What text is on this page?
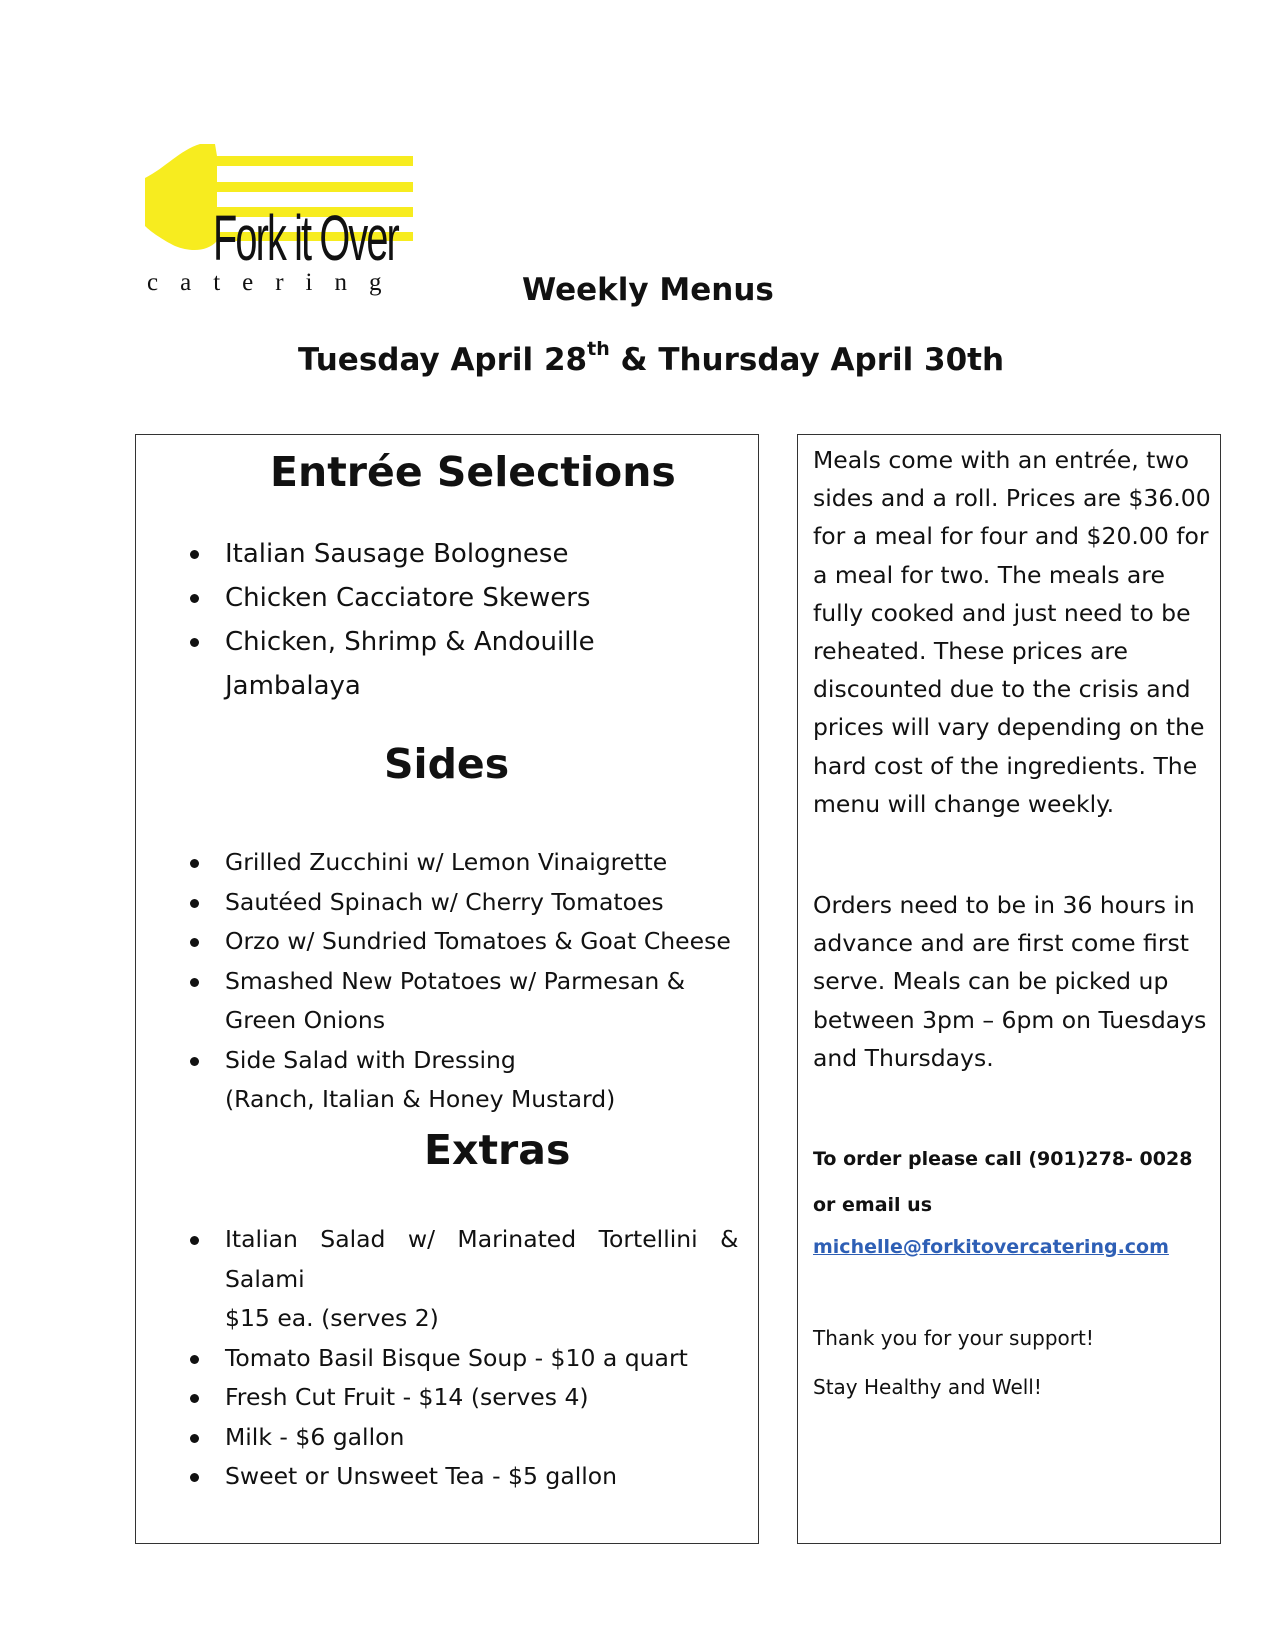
Fork it Over
catering	Weekly Menus
Tuesday April 28th & Thursday April 30th
Entrée Selections
Italian Sausage Bolognese
Chicken Cacciatore Skewers
Chicken, Shrimp & Andouille
Jambalaya
Sides
Grilled Zucchini w/ Lemon Vinaigrette
Sautéed Spinach w/ Cherry Tomatoes
Orzo w/ Sundried Tomatoes & Goat Cheese
Smashed New Potatoes w/ Parmesan &
Green Onions
Side Salad with Dressing
(Ranch, Italian & Honey Mustard)
Extras
Italian   Salad   w/   Marinated   Tortellini   &
Salami
$15 ea. (serves 2)
Tomato Basil Bisque Soup - $10 a quart
Fresh Cut Fruit - $14 (serves 4)
Milk - $6 gallon
Sweet or Unsweet Tea - $5 gallon

Meals come with an entrée, two sides and a roll. Prices are $36.00 for a meal for four and $20.00 for a meal for two. The meals are fully cooked and just need to be reheated. These prices are discounted due to the crisis and prices will vary depending on the hard cost of the ingredients. The menu will change weekly.

Orders need to be in 36 hours in advance and are first come first serve. Meals can be picked up between 3pm – 6pm on Tuesdays and Thursdays.

To order please call (901)278- 0028
or email us
michelle@forkitovercatering.com
Thank you for your support!
Stay Healthy and Well!
